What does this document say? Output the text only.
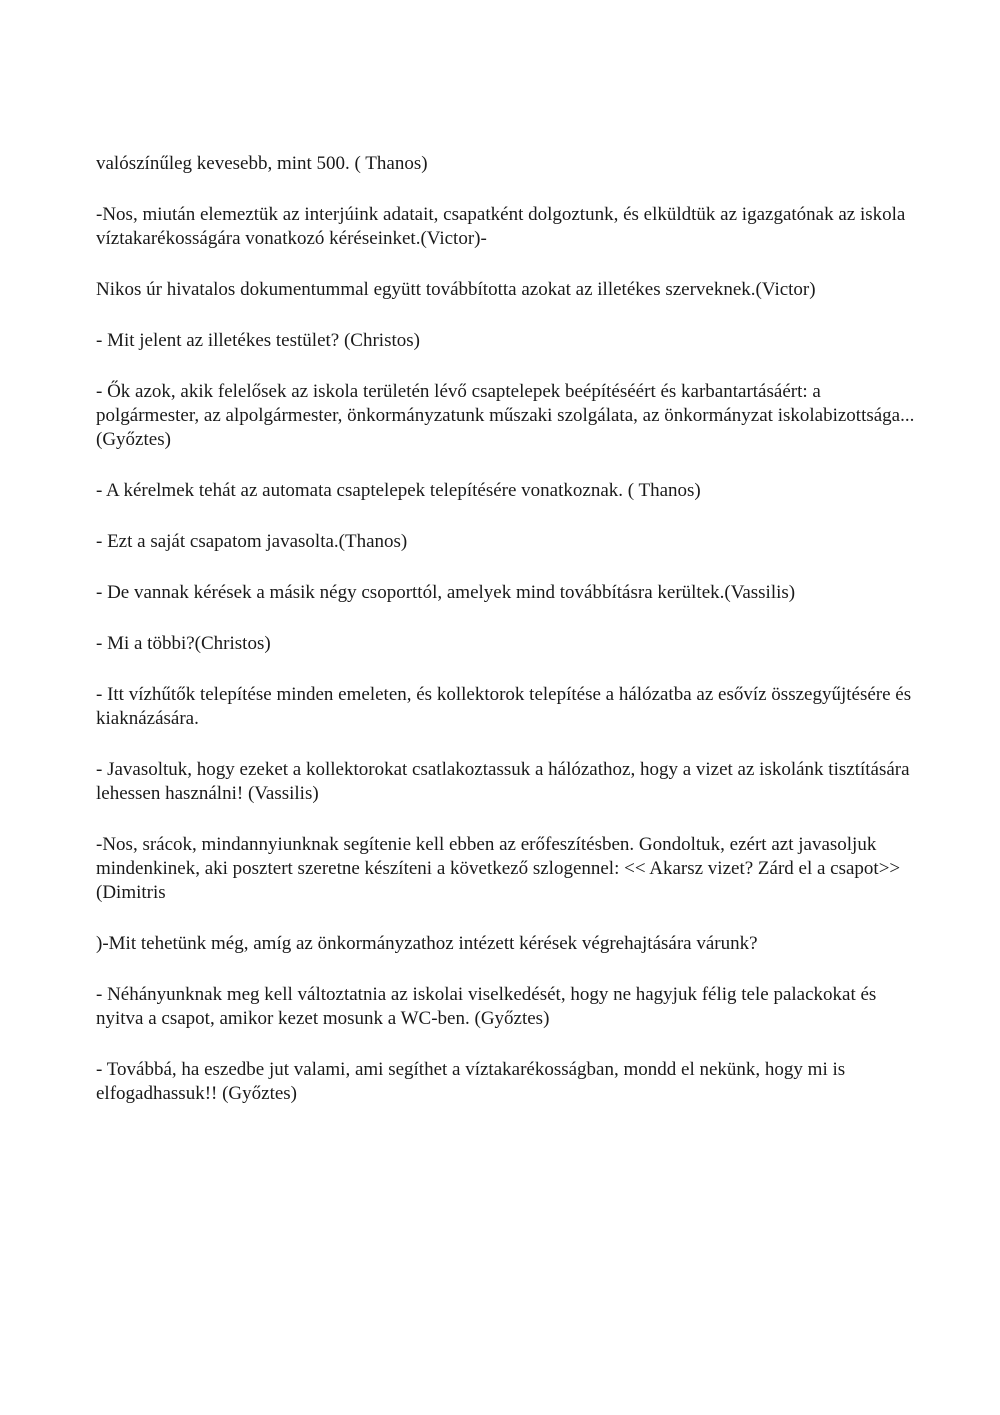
valószínűleg kevesebb, mint 500. ( Thanos)

-Nos, miután elemeztük az interjúink adatait, csapatként dolgoztunk, és elküldtük az igazgatónak az iskola víztakarékosságára vonatkozó kéréseinket.(Victor)-

Nikos úr hivatalos dokumentummal együtt továbbította azokat az illetékes szerveknek.(Victor)

- Mit jelent az illetékes testület? (Christos)

- Ők azok, akik felelősek az iskola területén lévő csaptelepek beépítéséért és karbantartásáért: a polgármester, az alpolgármester, önkormányzatunk műszaki szolgálata, az önkormányzat iskolabizottsága... (Győztes)

- A kérelmek tehát az automata csaptelepek telepítésére vonatkoznak. ( Thanos)

- Ezt a saját csapatom javasolta.(Thanos)

- De vannak kérések a másik négy csoporttól, amelyek mind továbbításra kerültek.(Vassilis)

- Mi a többi?(Christos)

- Itt vízhűtők telepítése minden emeleten, és kollektorok telepítése a hálózatba az esővíz összegyűjtésére és kiaknázására.

- Javasoltuk, hogy ezeket a kollektorokat csatlakoztassuk a hálózathoz, hogy a vizet az iskolánk tisztítására lehessen használni! (Vassilis)

-Nos, srácok, mindannyiunknak segítenie kell ebben az erőfeszítésben. Gondoltuk, ezért azt javasoljuk mindenkinek, aki posztert szeretne készíteni a következő szlogennel: << Akarsz vizet? Zárd el a csapot>>(Dimitris

)-Mit tehetünk még, amíg az önkormányzathoz intézett kérések végrehajtására várunk?

- Néhányunknak meg kell változtatnia az iskolai viselkedését, hogy ne hagyjuk félig tele palackokat és nyitva a csapot, amikor kezet mosunk a WC-ben. (Győztes)

- Továbbá, ha eszedbe jut valami, ami segíthet a víztakarékosságban, mondd el nekünk, hogy mi is elfogadhassuk!! (Győztes)
